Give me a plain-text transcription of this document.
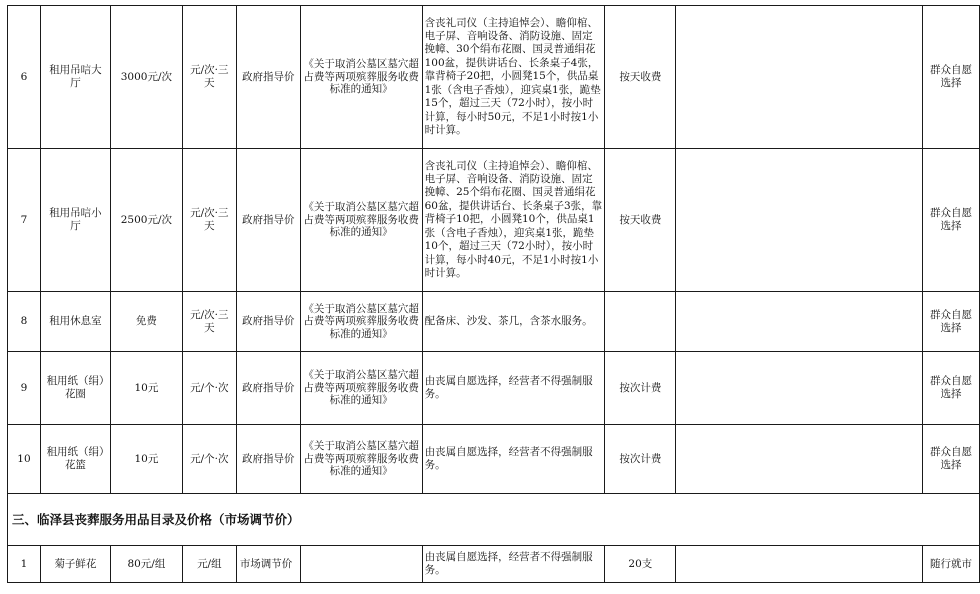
6	租用吊唁大厅	3000元/次	元/次·三天	政府指导价	《关于取消公墓区墓穴超占费等两项殡葬服务收费标准的通知》	含丧礼司仪（主持追悼会）、瞻仰棺、电子屏、音响设备、消防设施、固定挽幛、30个绢布花圈、国灵普通绢花100盆，提供讲话台、长条桌子4张，靠背椅子20把，小圆凳15个，供品桌1张（含电子香烛），迎宾桌1张，跪垫15个，超过三天（72小时），按小时计算，每小时50元，不足1小时按1小时计算。	按天收费		群众自愿选择
7	租用吊唁小厅	2500元/次	元/次·三天	政府指导价	《关于取消公墓区墓穴超占费等两项殡葬服务收费标准的通知》	含丧礼司仪（主持追悼会）、瞻仰棺、电子屏、音响设备、消防设施、固定挽幛、25个绢布花圈、国灵普通绢花60盆，提供讲话台、长条桌子3张，靠背椅子10把，小圆凳10个，供品桌1张（含电子香烛），迎宾桌1张，跪垫10个，超过三天（72小时），按小时计算，每小时40元，不足1小时按1小时计算。	按天收费		群众自愿选择
8	租用休息室	免费	元/次·三天	政府指导价	《关于取消公墓区墓穴超占费等两项殡葬服务收费标准的通知》	配备床、沙发、茶几，含茶水服务。			群众自愿选择
9	租用纸（绢）花圈	10元	元/个·次	政府指导价	《关于取消公墓区墓穴超占费等两项殡葬服务收费标准的通知》	由丧属自愿选择，经营者不得强制服务。	按次计费		群众自愿选择
10	租用纸（绢）花篮	10元	元/个·次	政府指导价	《关于取消公墓区墓穴超占费等两项殡葬服务收费标准的通知》	由丧属自愿选择，经营者不得强制服务。	按次计费		群众自愿选择
三、临泽县丧葬服务用品目录及价格（市场调节价）									
1	菊子鲜花	80元/组	元/组	市场调节价		由丧属自愿选择，经营者不得强制服务。	20支		随行就市
